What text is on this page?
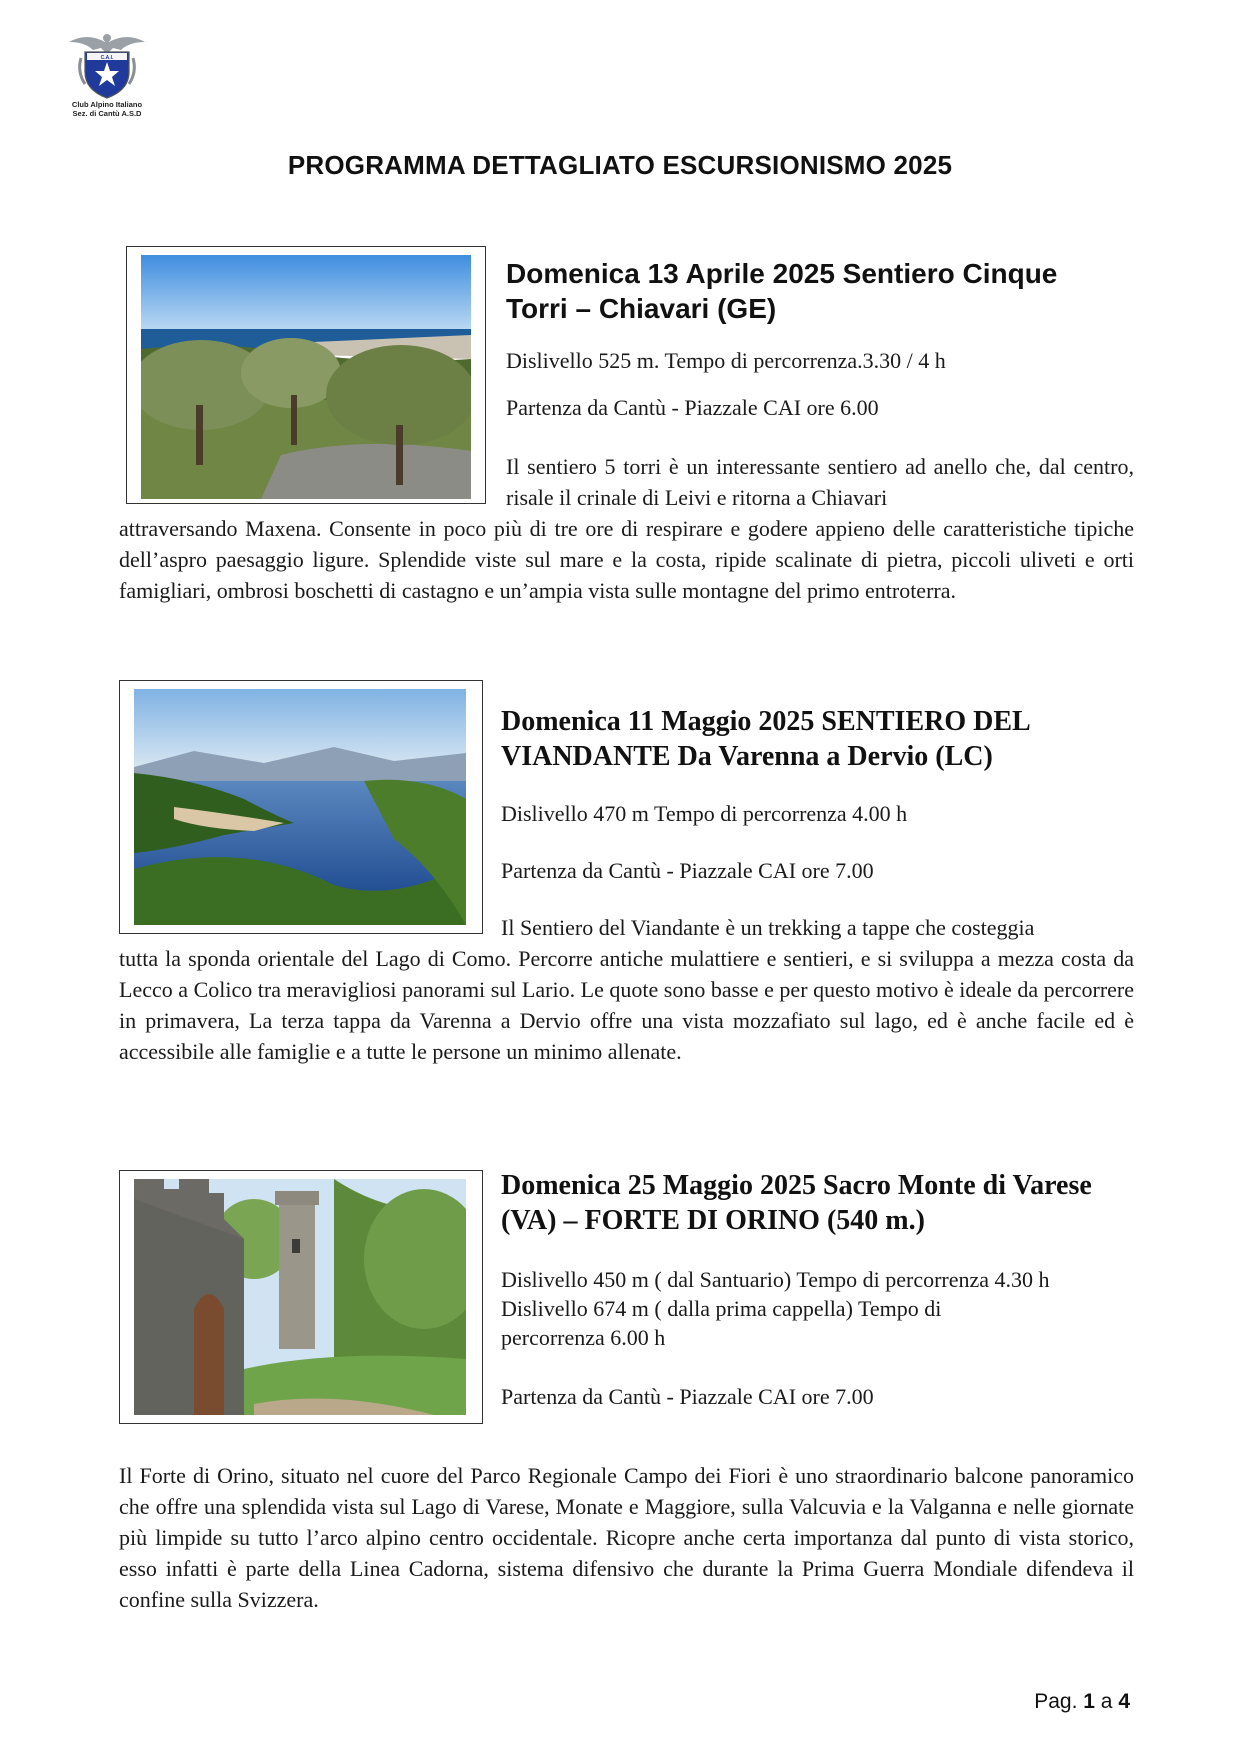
C.A.I.
Club Alpino Italiano
Sez. di Cantù A.S.D
PROGRAMMA DETTAGLIATO ESCURSIONISMO 2025
Domenica 13 Aprile 2025 Sentiero Cinque
Torri – Chiavari (GE)
Dislivello 525 m. Tempo di percorrenza.3.30 / 4 h
Partenza da Cantù - Piazzale CAI ore 6.00
Il sentiero 5 torri è un interessante sentiero ad anello che, dal centro, risale il crinale di Leivi e ritorna a Chiavari
attraversando Maxena. Consente in poco più di tre ore di respirare e godere appieno delle caratteristiche tipiche dell’aspro paesaggio ligure. Splendide viste sul mare e la costa, ripide scalinate di pietra, piccoli uliveti e orti famigliari, ombrosi boschetti di castagno e un’ampia vista sulle montagne del primo entroterra.
Domenica 11 Maggio 2025 SENTIERO DEL
VIANDANTE Da Varenna a Dervio (LC)
Dislivello 470 m Tempo di percorrenza 4.00 h
Partenza da Cantù - Piazzale CAI ore 7.00
Il Sentiero del Viandante è un trekking a tappe che costeggia
tutta la sponda orientale del Lago di Como. Percorre antiche mulattiere e sentieri, e si sviluppa a mezza costa da Lecco a Colico tra meravigliosi panorami sul Lario. Le quote sono basse e per questo motivo è ideale da percorrere in primavera, La terza tappa da Varenna a Dervio offre una vista mozzafiato sul lago, ed è anche facile ed è accessibile alle famiglie e a tutte le persone un minimo allenate.
Domenica 25 Maggio 2025 Sacro Monte di Varese
(VA) – FORTE DI ORINO (540 m.)
Dislivello 450 m ( dal Santuario) Tempo di percorrenza 4.30 h
Dislivello 674 m ( dalla prima cappella) Tempo di
percorrenza 6.00 h
Partenza da Cantù - Piazzale CAI ore 7.00
Il Forte di Orino, situato nel cuore del Parco Regionale Campo dei Fiori è uno straordinario balcone panoramico che offre una splendida vista sul Lago di Varese, Monate e Maggiore, sulla Valcuvia e la Valganna e nelle giornate più limpide su tutto l’arco alpino centro occidentale. Ricopre anche certa importanza dal punto di vista storico, esso infatti è parte della Linea Cadorna, sistema difensivo che durante la Prima Guerra Mondiale difendeva il confine sulla Svizzera.
Pag. 1 a 4
